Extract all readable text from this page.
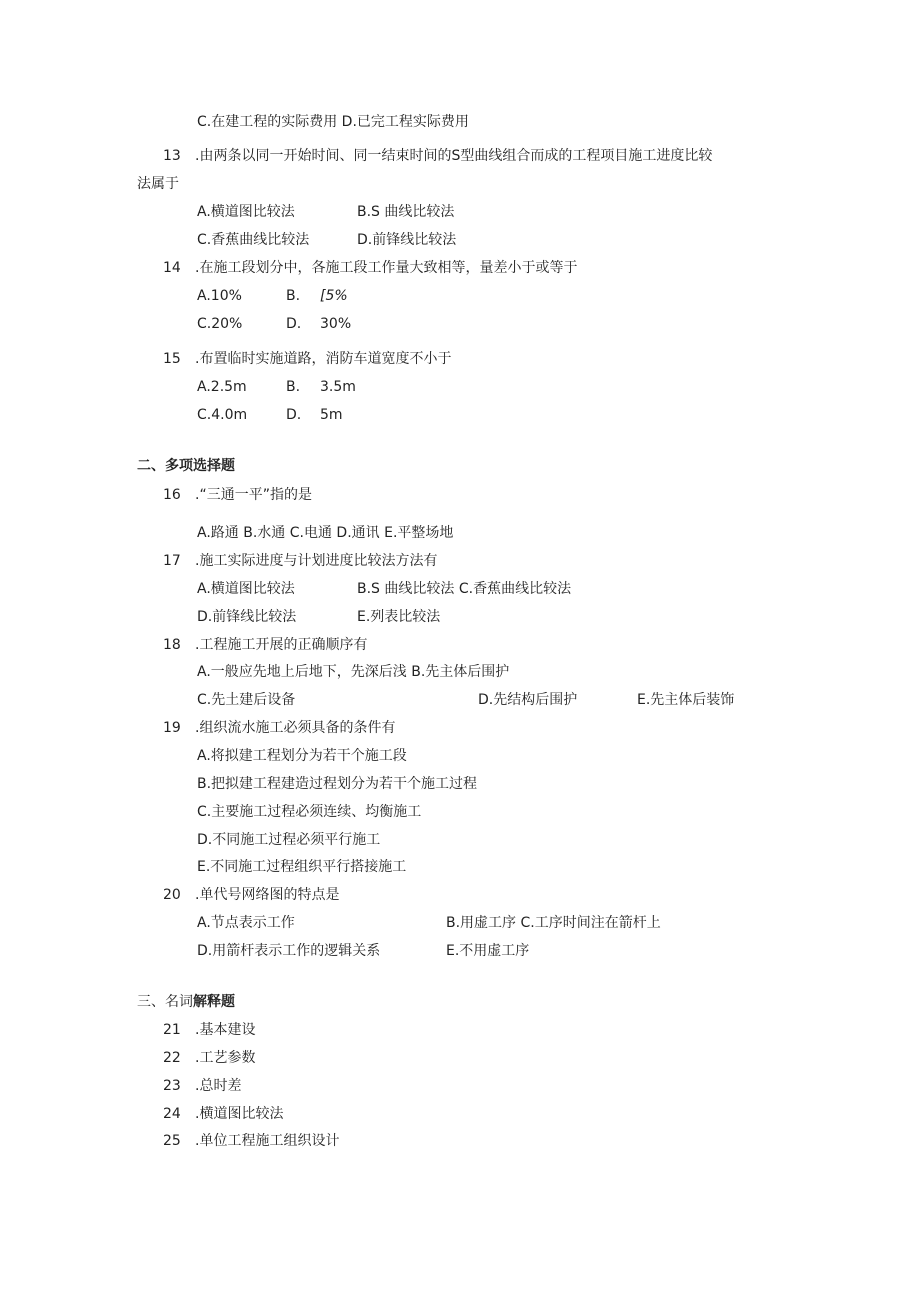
C.在建工程的实际费用 D.已完工程实际费用
13 .由两条以同一开始时间、同一结束时间的S型曲线组合而成的工程项目施工进度比较
法属于
A.横道图比较法	B.S 曲线比较法
C.香蕉曲线比较法	D.前锋线比较法
14 .在施工段划分中，各施工段工作量大致相等，量差小于或等于
A.10%	B. [5%
C.20%	D. 30%
15 .布置临时实施道路，消防车道宽度不小于
A.2.5m	B. 3.5m
C.4.0m	D. 5m
二、多项选择题
16 .“三通一平”指的是
A.路通 B.水通 C.电通 D.通讯 E.平整场地
17 .施工实际进度与计划进度比较法方法有
A.横道图比较法	B.S 曲线比较法 C.香蕉曲线比较法
D.前锋线比较法	E.列表比较法
18 .工程施工开展的正确顺序有
A.一般应先地上后地下，先深后浅 B.先主体后围护
C.先土建后设备	D.先结构后围护	E.先主体后装饰
19 .组织流水施工必须具备的条件有
A.将拟建工程划分为若干个施工段
B.把拟建工程建造过程划分为若干个施工过程
C.主要施工过程必须连续、均衡施工
D.不同施工过程必须平行施工
E.不同施工过程组织平行搭接施工
20 .单代号网络图的特点是
A.节点表示工作	B.用虚工序 C.工序时间注在箭杆上
D.用箭杆表示工作的逻辑关系	E.不用虚工序
三、名词解释题
21 .基本建设
22 .工艺参数
23 .总时差
24 .横道图比较法
25 .单位工程施工组织设计
